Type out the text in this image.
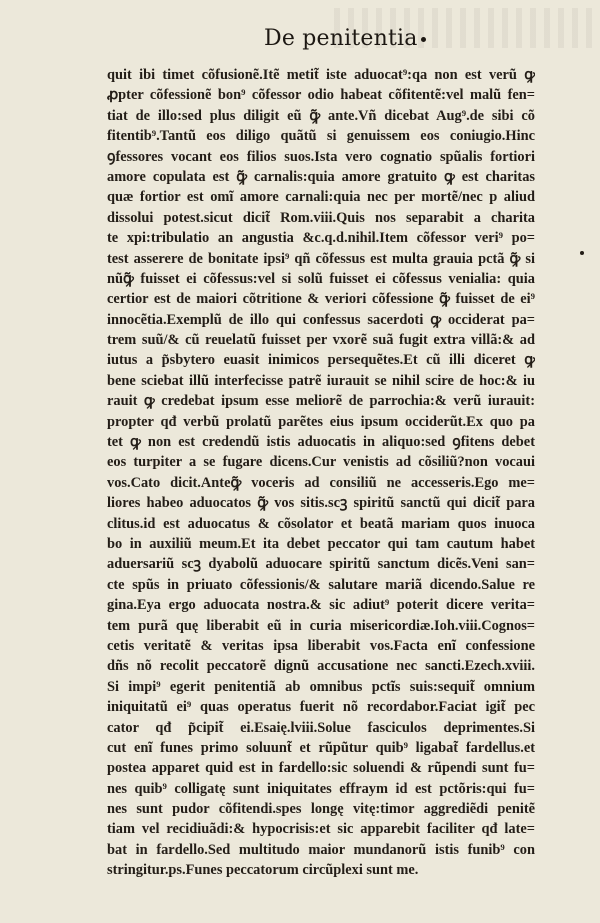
De penitentia
quit ibi timet cõfusionẽ.Itẽ metit̃ iste aduocat⁹:qa non est verũ ꝙ
ꝓpter cõfessionẽ bon⁹ cõfessor odio habeat cõfitentẽ:vel malũ fen=
tiat de illo:sed plus diligit eũ ꝙ̃ ante.Vñ dicebat Aug⁹.de sibi cõ
fitentib⁹.Tantũ eos diligo quãtũ si genuissem eos coniugio.Hinc
ꝯfessores vocant eos filios suos.Ista vero cognatio spũalis fortiori
amore copulata est ꝙ̃ carnalis:quia amore gratuito ꝙ est charitas
quæ fortior est omĩ amore carnali:quia nec per mortẽ/nec p aliud
dissolui potest.sicut dicit̃ Rom.viii.Quis nos separabit a charita
te xpi:tribulatio an angustia &c.q.d.nihil.Item cõfessor veri⁹ po=
test asserere de bonitate ipsi⁹ qñ cõfessus est multa grauia pctã ꝙ̃ si
nũꝙ̃ fuisset ei cõfessus:vel si solũ fuisset ei cõfessus venialia: quia
certior est de maiori cõtritione & veriori cõfessione ꝙ̃ fuisset de ei⁹
innocẽtia.Exemplũ de illo qui confessus sacerdoti ꝙ occiderat pa=
trem suũ/& cũ reuelatũ fuisset per vxorẽ suã fugit extra villã:& ad
iutus a p̃sbytero euasit inimicos persequẽtes.Et cũ illi diceret ꝙ
bene sciebat illũ interfecisse patrẽ iurauit se nihil scire de hoc:& iu
rauit ꝙ credebat ipsum esse meliorẽ de parrochia:& verũ iurauit:
propter qđ verbũ prolatũ parẽtes eius ipsum occiderũt.Ex quo pa
tet ꝙ non est credendũ istis aduocatis in aliquo:sed ꝯfitens debet
eos turpiter a se fugare dicens.Cur venistis ad cõsiliũ?non vocaui
vos.Cato dicit.Anteꝙ̃ voceris ad consiliũ ne accesseris.Ego me=
liores habeo aduocatos ꝙ̃ vos sitis.scꝫ spiritũ sanctũ qui dicit̃ para
clitus.id est aduocatus & cõsolator et beatã mariam quos inuoca
bo in auxiliũ meum.Et ita debet peccator qui tam cautum habet
aduersariũ scꝫ dyabolũ aduocare spiritũ sanctum dicẽs.Veni san=
cte spũs in priuato cõfessionis/& salutare mariã dicendo.Salue re
gina.Eya ergo aduocata nostra.& sic adiut⁹ poterit dicere verita=
tem purã quę liberabit eũ in curia misericordiæ.Ioh.viii.Cognos=
cetis veritatẽ & veritas ipsa liberabit vos.Facta enĩ confessione
dñs nõ recolit peccatorẽ dignũ accusatione nec sancti.Ezech.xviii.
Si impi⁹ egerit penitentiã ab omnibus pctĩs suis:sequit̃ omnium
iniquitatũ ei⁹ quas operatus fuerit nõ recordabor.Faciat igit̃ pec
cator qđ p̃cipit̃ ei.Esaię.lviii.Solue fasciculos deprimentes.Si
cut enĩ funes primo soluunt̃ et rũpũtur quib⁹ ligabat̃ fardellus.et
postea apparet quid est in fardello:sic soluendi & rũpendi sunt fu=
nes quib⁹ colligatę sunt iniquitates effraym id est pctõris:qui fu=
nes sunt pudor cõfitendi.spes longę vitę:timor aggrediẽdi penitẽ
tiam vel recidiuãdi:& hypocrisis:et sic apparebit faciliter qđ late=
bat in fardello.Sed multitudo maior mundanorũ istis funib⁹ con
stringitur.ps.Funes peccatorum circũplexi sunt me.
